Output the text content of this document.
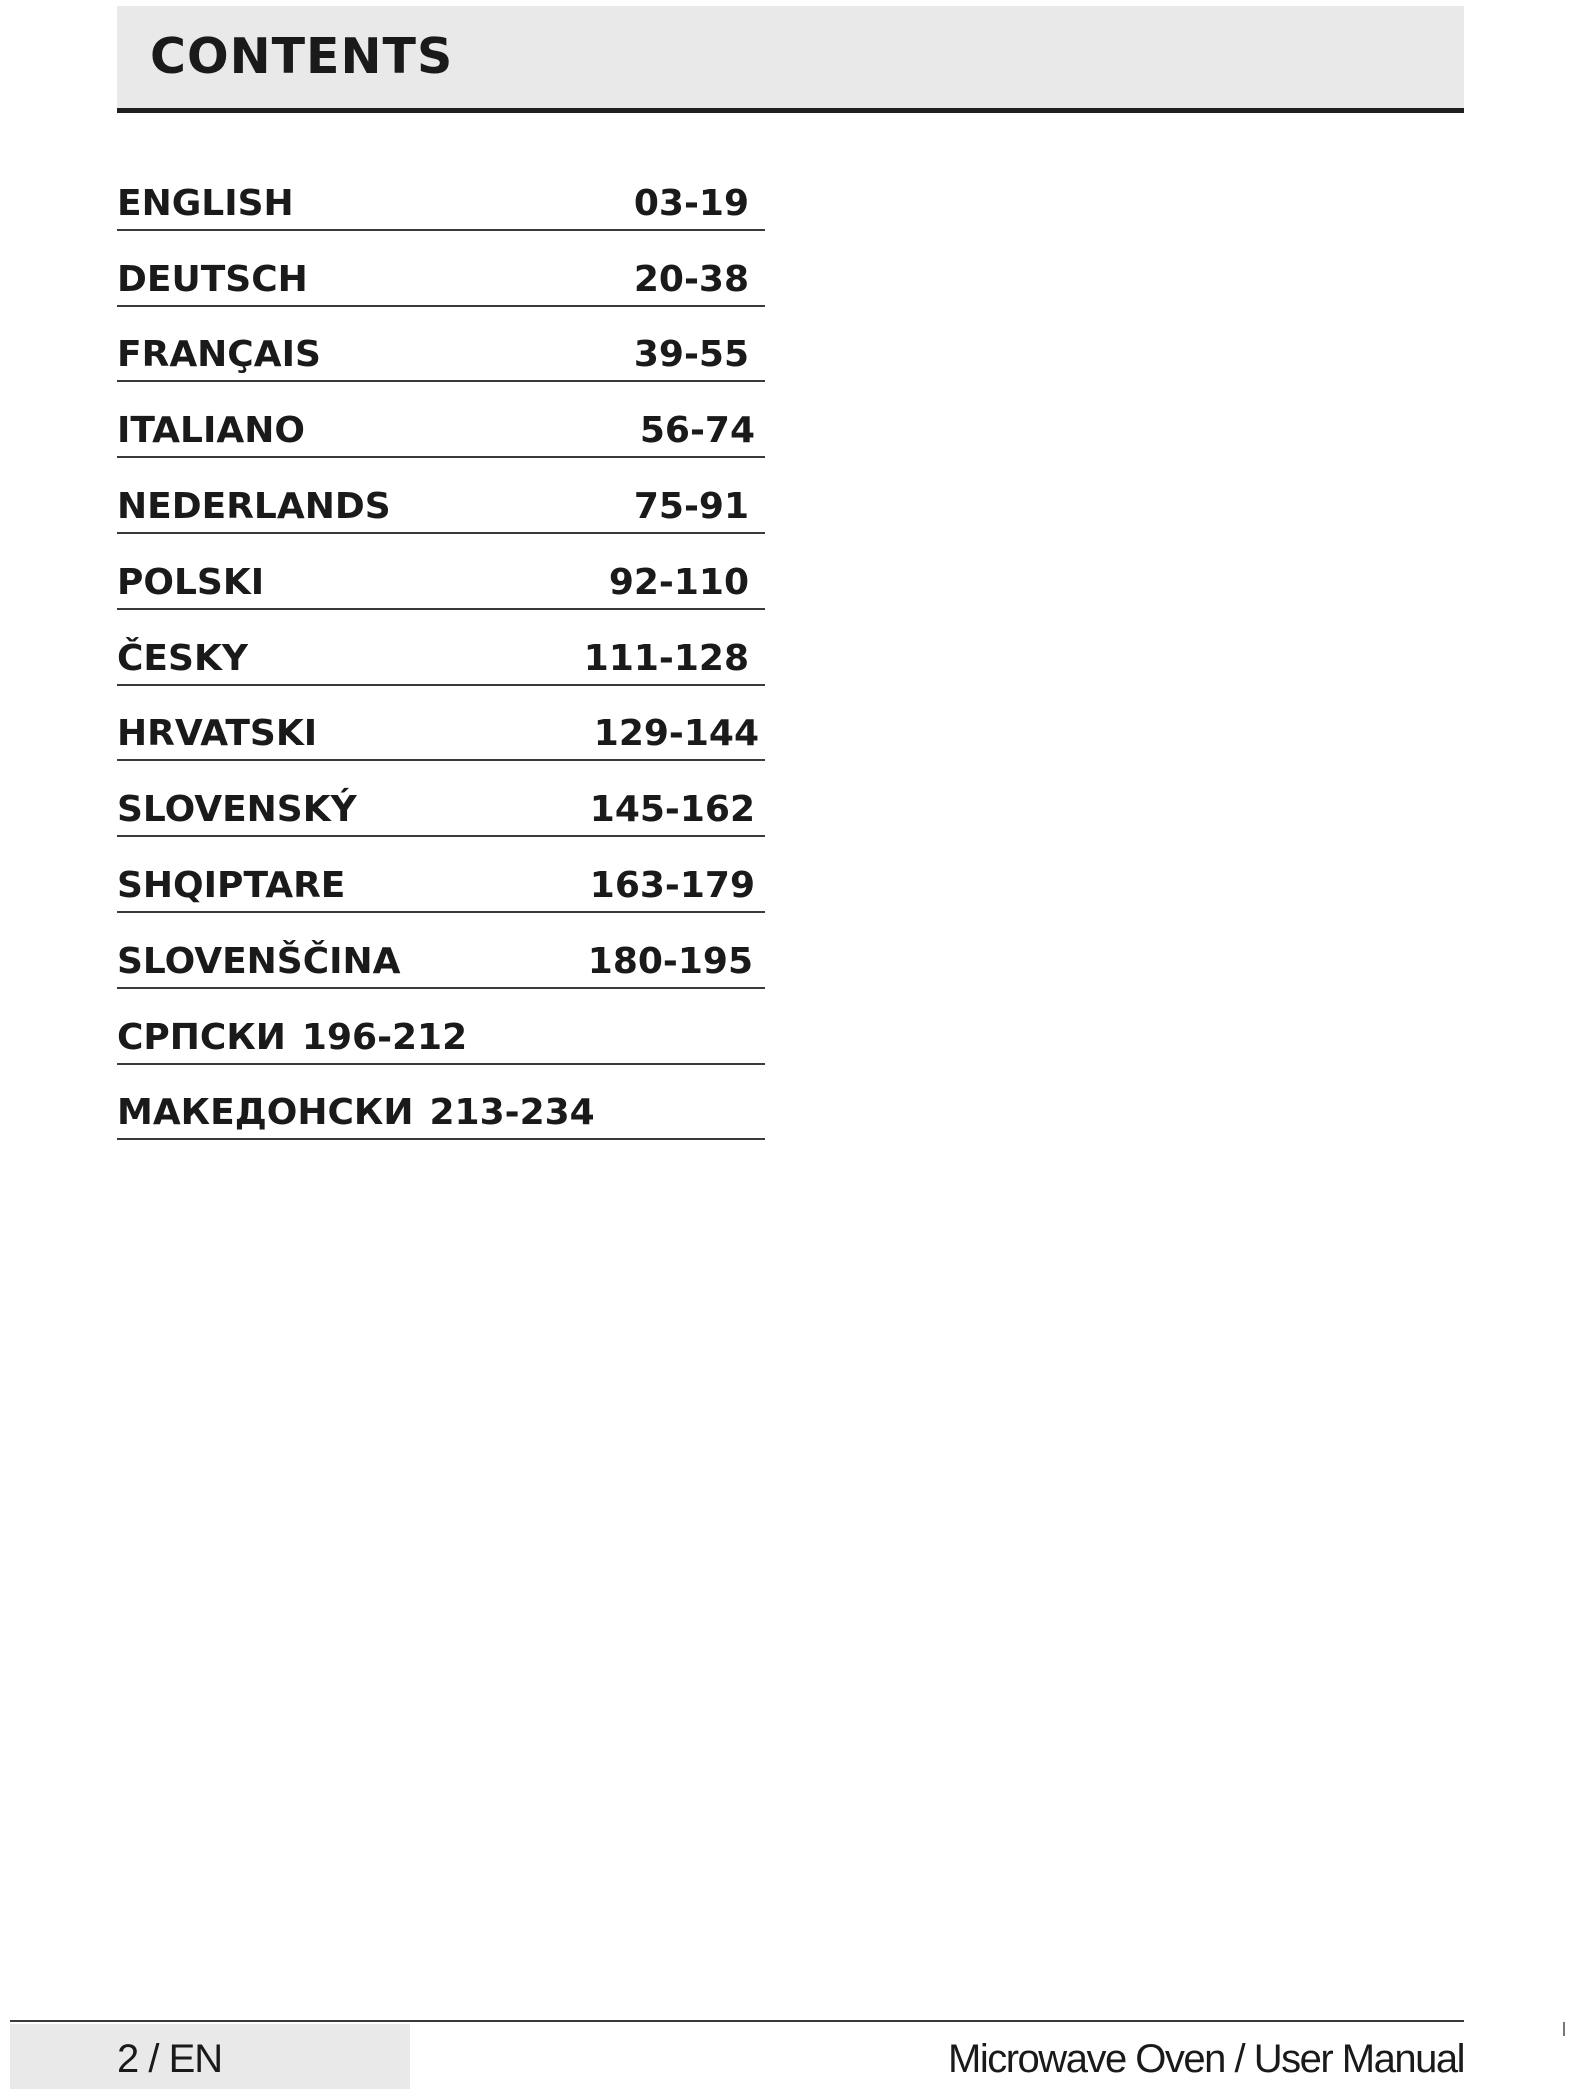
CONTENTS
ENGLISH	03-19
DEUTSCH	20-38
FRANÇAIS	39-55
ITALIANO	56-74
NEDERLANDS	75-91
POLSKI	92-110
ČESKY	111-128
HRVATSKI	129-144
SLOVENSKÝ	145-162
SHQIPTARE	163-179
SLOVENŠČINA	180-195
СРПСКИ 196-212
МАКЕДОНСКИ 213-234
2 / EN	Microwave Oven / User Manual
